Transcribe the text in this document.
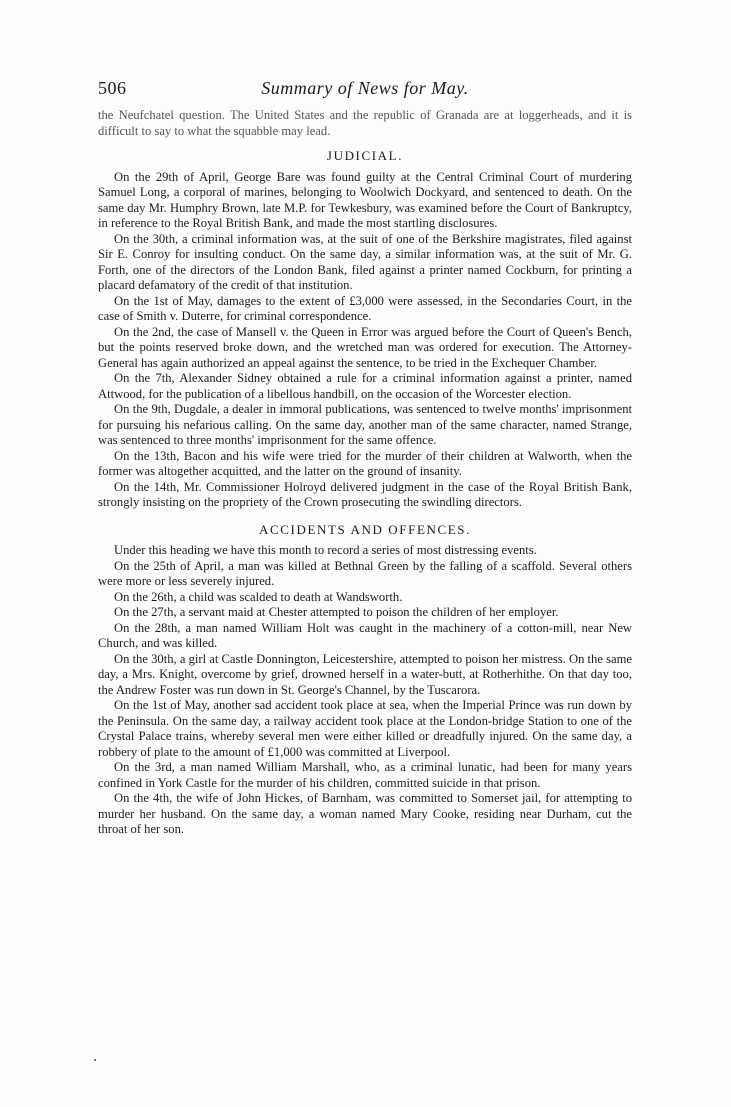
506	Summary of News for May.

the Neufchatel question. The United States and the republic of Granada are at loggerheads, and it is difficult to say to what the squabble may lead.

JUDICIAL.

On the 29th of April, George Bare was found guilty at the Central Criminal Court of murdering Samuel Long, a corporal of marines, belonging to Woolwich Dockyard, and sentenced to death. On the same day Mr. Humphry Brown, late M.P. for Tewkesbury, was examined before the Court of Bankruptcy, in reference to the Royal British Bank, and made the most startling disclosures.

On the 30th, a criminal information was, at the suit of one of the Berkshire magistrates, filed against Sir E. Conroy for insulting conduct. On the same day, a similar information was, at the suit of Mr. G. Forth, one of the directors of the London Bank, filed against a printer named Cockburn, for printing a placard defamatory of the credit of that institution.

On the 1st of May, damages to the extent of £3,000 were assessed, in the Secondaries Court, in the case of Smith v. Duterre, for criminal correspondence.

On the 2nd, the case of Mansell v. the Queen in Error was argued before the Court of Queen's Bench, but the points reserved broke down, and the wretched man was ordered for execution. The Attorney-General has again authorized an appeal against the sentence, to be tried in the Exchequer Chamber.

On the 7th, Alexander Sidney obtained a rule for a criminal information against a printer, named Attwood, for the publication of a libellous handbill, on the occasion of the Worcester election.

On the 9th, Dugdale, a dealer in immoral publications, was sentenced to twelve months' imprisonment for pursuing his nefarious calling. On the same day, another man of the same character, named Strange, was sentenced to three months' imprisonment for the same offence.

On the 13th, Bacon and his wife were tried for the murder of their children at Walworth, when the former was altogether acquitted, and the latter on the ground of insanity.

On the 14th, Mr. Commissioner Holroyd delivered judgment in the case of the Royal British Bank, strongly insisting on the propriety of the Crown prosecuting the swindling directors.

ACCIDENTS AND OFFENCES.

Under this heading we have this month to record a series of most distressing events.

On the 25th of April, a man was killed at Bethnal Green by the falling of a scaffold. Several others were more or less severely injured.

On the 26th, a child was scalded to death at Wandsworth.

On the 27th, a servant maid at Chester attempted to poison the children of her employer.

On the 28th, a man named William Holt was caught in the machinery of a cotton-mill, near New Church, and was killed.

On the 30th, a girl at Castle Donnington, Leicestershire, attempted to poison her mistress. On the same day, a Mrs. Knight, overcome by grief, drowned herself in a water-butt, at Rotherhithe. On that day too, the Andrew Foster was run down in St. George's Channel, by the Tuscarora.

On the 1st of May, another sad accident took place at sea, when the Imperial Prince was run down by the Peninsula. On the same day, a railway accident took place at the London-bridge Station to one of the Crystal Palace trains, whereby several men were either killed or dreadfully injured. On the same day, a robbery of plate to the amount of £1,000 was committed at Liverpool.

On the 3rd, a man named William Marshall, who, as a criminal lunatic, had been for many years confined in York Castle for the murder of his children, committed suicide in that prison.

On the 4th, the wife of John Hickes, of Barnham, was committed to Somerset jail, for attempting to murder her husband. On the same day, a woman named Mary Cooke, residing near Durham, cut the throat of her son.
